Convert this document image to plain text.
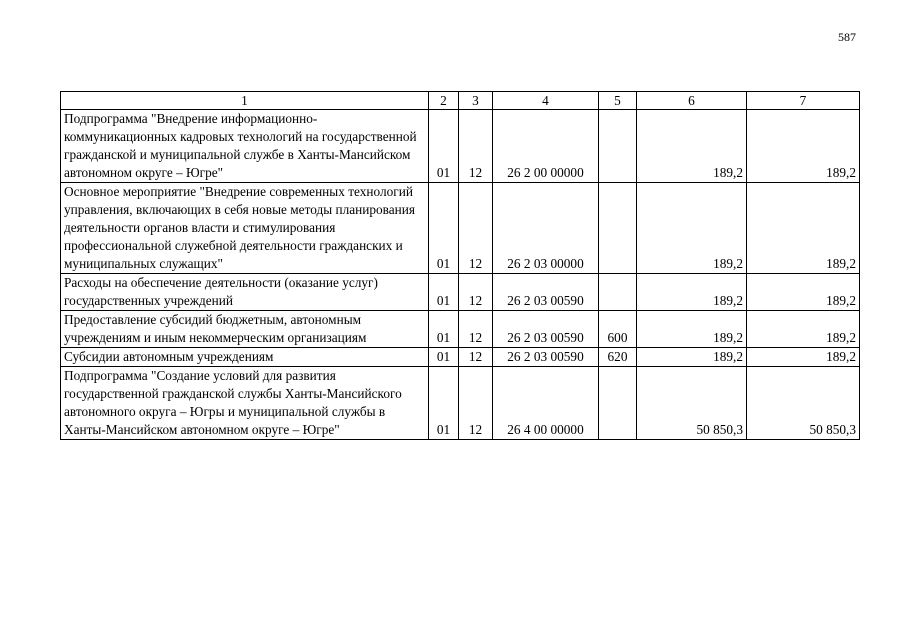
587
1	2	3	4	5	6	7
Подпрограмма "Внедрение информационно-коммуникационных кадровых технологий на государственной гражданской и муниципальной службе в Ханты-Мансийском автономном округе – Югре"	01	12	26 2 00 00000		189,2	189,2
Основное мероприятие "Внедрение современных технологий управления, включающих в себя новые методы планирования деятельности органов власти и стимулирования профессиональной служебной деятельности гражданских и муниципальных служащих"	01	12	26 2 03 00000		189,2	189,2
Расходы на обеспечение деятельности (оказание услуг) государственных учреждений	01	12	26 2 03 00590		189,2	189,2
Предоставление субсидий бюджетным, автономным учреждениям и иным некоммерческим организациям	01	12	26 2 03 00590	600	189,2	189,2
Субсидии автономным учреждениям	01	12	26 2 03 00590	620	189,2	189,2
Подпрограмма "Создание условий для развития государственной гражданской службы Ханты-Мансийского автономного округа – Югры и муниципальной службы в Ханты-Мансийском автономном округе – Югре"	01	12	26 4 00 00000		50 850,3	50 850,3
